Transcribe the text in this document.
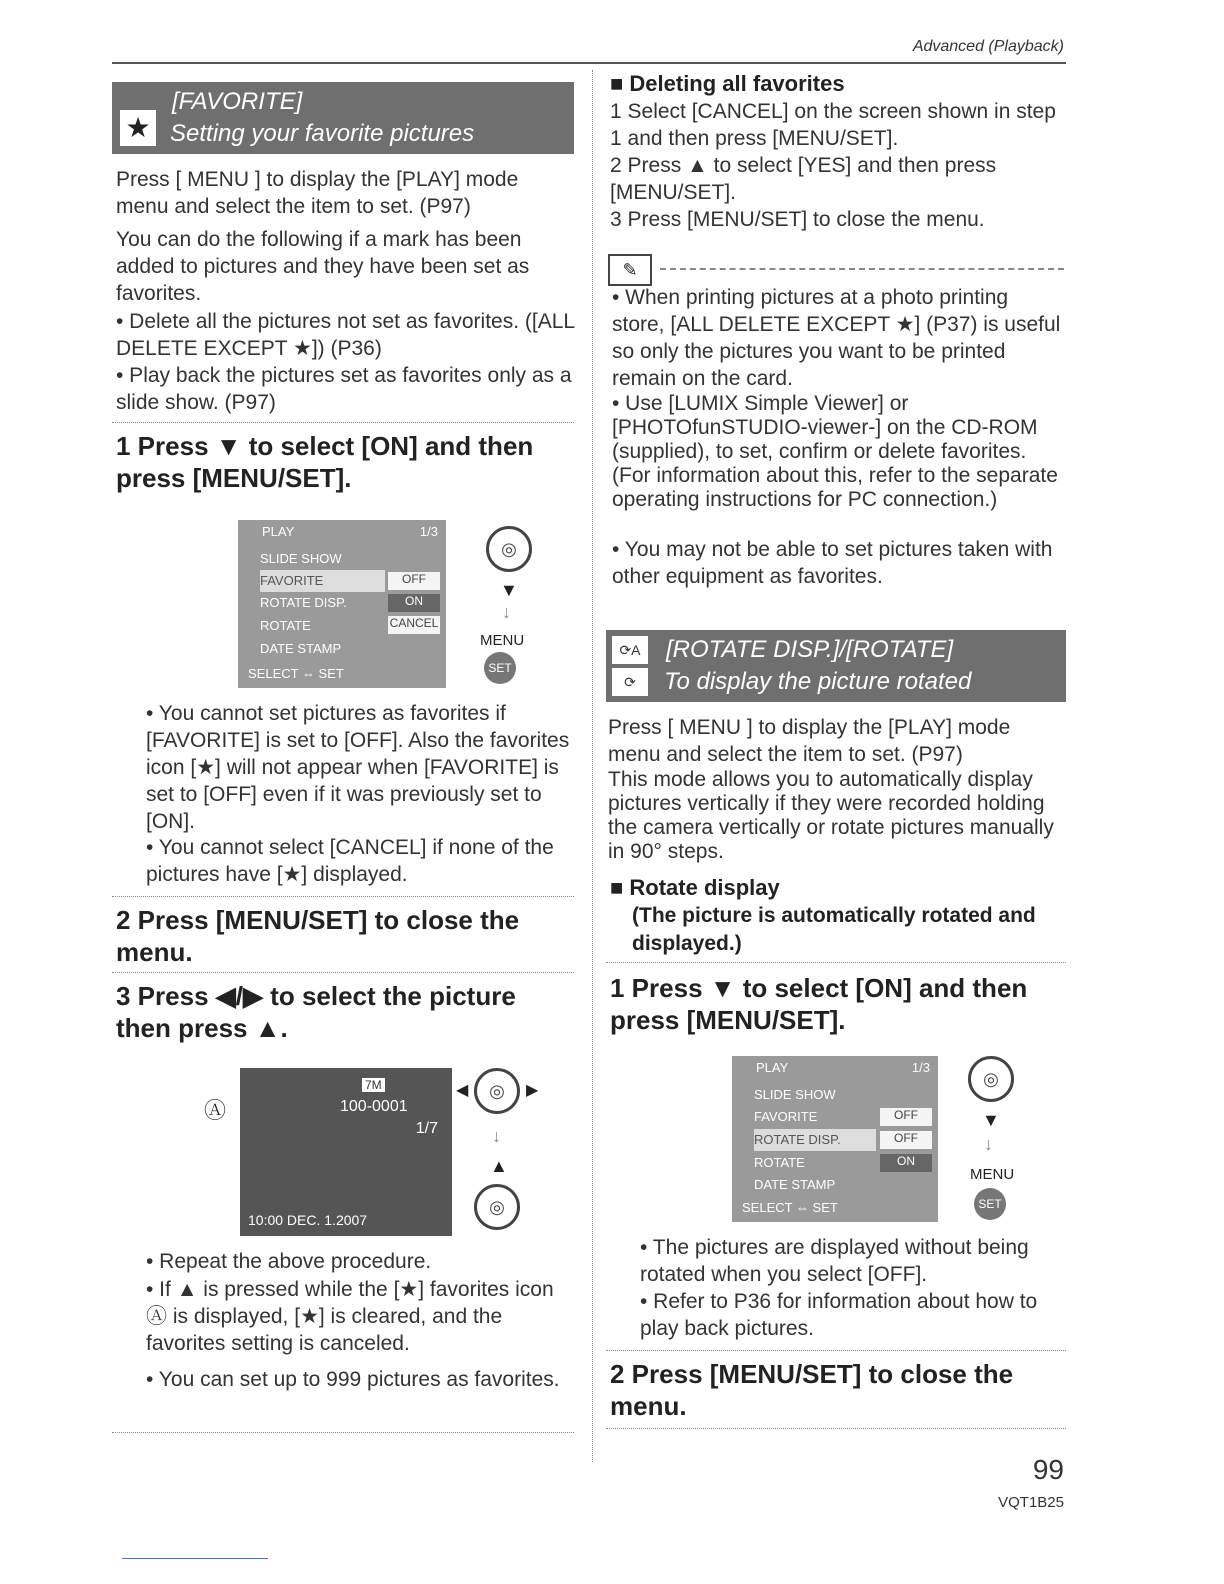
Advanced (Playback)
★
[FAVORITE]
Setting your favorite pictures
Press [ MENU ] to display the [PLAY] mode menu and select the item to set. (P97)
You can do the following if a mark has been added to pictures and they have been set as favorites.
• Delete all the pictures not set as favorites. ([ALL DELETE EXCEPT ★]) (P36)
• Play back the pictures set as favorites only as a slide show. (P97)
1 Press ▼ to select [ON] and then press [MENU/SET].
PLAY	1/3
SLIDE SHOW
FAVORITE
ROTATE DISP.
ROTATE
DATE STAMP
OFF
ON
CANCEL
SELECT ⇔ SET
◎
▼
↓
MENU
SET
• You cannot set pictures as favorites if [FAVORITE] is set to [OFF]. Also the favorites icon [★] will not appear when [FAVORITE] is set to [OFF] even if it was previously set to [ON].
• You cannot select [CANCEL] if none of the pictures have [★] displayed.
2 Press [MENU/SET] to close the menu.
3 Press ◀/▶ to select the picture then press ▲.
Ⓐ
7M
100-0001
1/7
10:00 DEC. 1.2007
◀	◎	▶
↓
▲
◎
• Repeat the above procedure.
• If ▲ is pressed while the [★] favorites icon Ⓐ is displayed, [★] is cleared, and the favorites setting is canceled.
• You can set up to 999 pictures as favorites.
■ Deleting all favorites
1 Select [CANCEL] on the screen shown in step 1 and then press [MENU/SET].
2 Press ▲ to select [YES] and then press [MENU/SET].
3 Press [MENU/SET] to close the menu.
✎
• When printing pictures at a photo printing store, [ALL DELETE EXCEPT ★] (P37) is useful so only the pictures you want to be printed remain on the card.
• Use [LUMIX Simple Viewer] or [PHOTOfunSTUDIO-viewer-] on the CD-ROM (supplied), to set, confirm or delete favorites. (For information about this, refer to the separate operating instructions for PC connection.)
• You may not be able to set pictures taken with other equipment as favorites.
⟳A
⟳
[ROTATE DISP.]/[ROTATE]
To display the picture rotated
Press [ MENU ] to display the [PLAY] mode menu and select the item to set. (P97)
This mode allows you to automatically display pictures vertically if they were recorded holding the camera vertically or rotate pictures manually in 90° steps.
■ Rotate display
(The picture is automatically rotated and displayed.)
1 Press ▼ to select [ON] and then press [MENU/SET].
PLAY	1/3
SLIDE SHOW
FAVORITE
ROTATE DISP.
ROTATE
DATE STAMP
OFF
OFF
ON
SELECT ⇔ SET
◎
▼
↓
MENU
SET
• The pictures are displayed without being rotated when you select [OFF].
• Refer to P36 for information about how to play back pictures.
2 Press [MENU/SET] to close the menu.
99
VQT1B25
